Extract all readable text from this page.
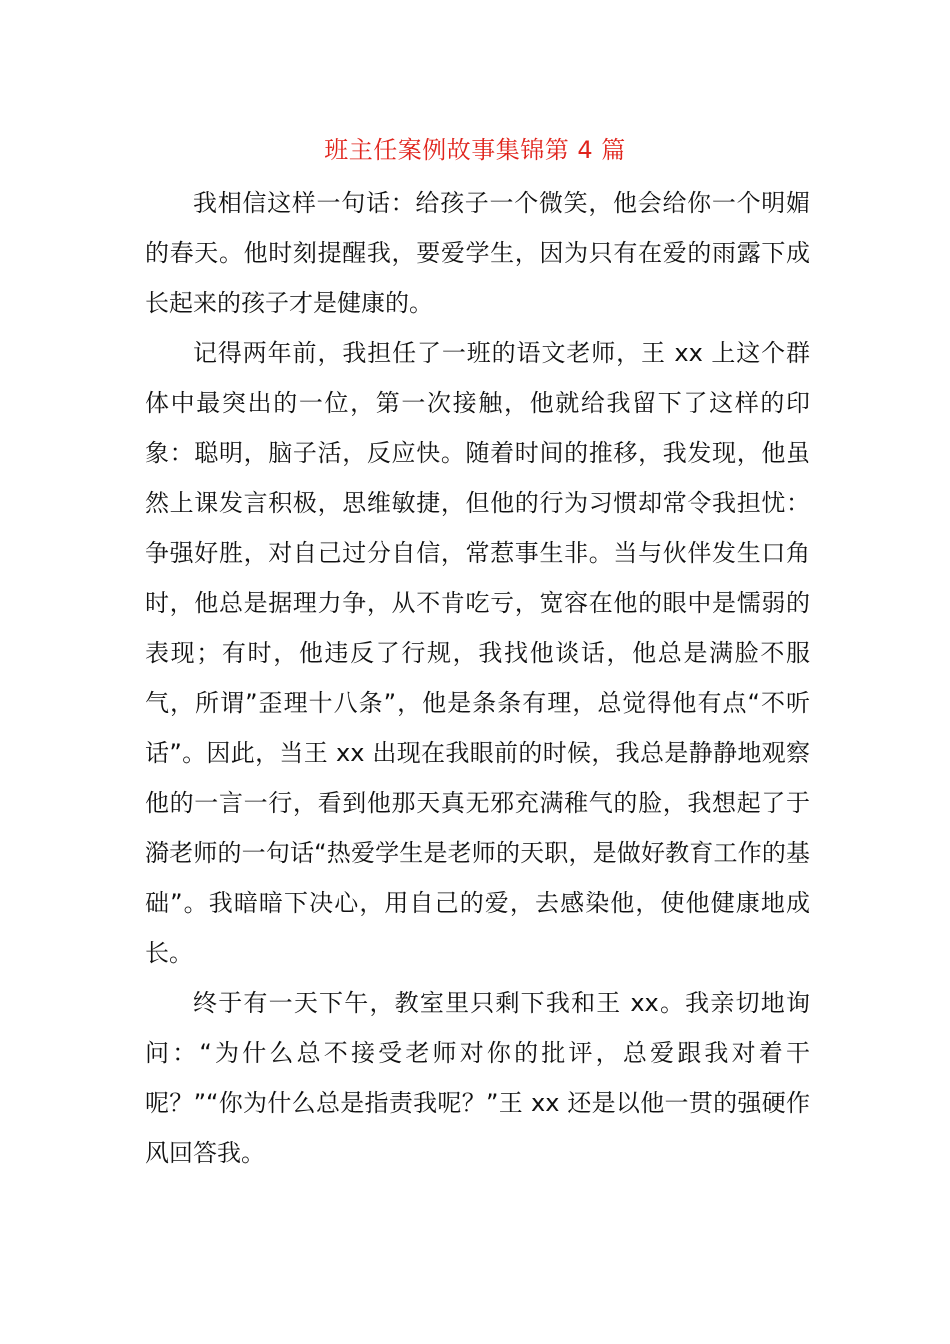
班主任案例故事集锦第 4 篇

我相信这样一句话：给孩子一个微笑，他会给你一个明媚的春天。他时刻提醒我，要爱学生，因为只有在爱的雨露下成长起来的孩子才是健康的。

记得两年前，我担任了一班的语文老师，王 xx 上这个群体中最突出的一位，第一次接触，他就给我留下了这样的印象：聪明，脑子活，反应快。随着时间的推移，我发现，他虽然上课发言积极，思维敏捷，但他的行为习惯却常令我担忧：争强好胜，对自己过分自信，常惹事生非。当与伙伴发生口角时，他总是据理力争，从不肯吃亏，宽容在他的眼中是懦弱的表现；有时，他违反了行规，我找他谈话，他总是满脸不服气，所谓”歪理十八条”，他是条条有理，总觉得他有点“不听话”。因此，当王 xx 出现在我眼前的时候，我总是静静地观察他的一言一行，看到他那天真无邪充满稚气的脸，我想起了于漪老师的一句话“热爱学生是老师的天职，是做好教育工作的基础”。我暗暗下决心，用自己的爱，去感染他，使他健康地成长。

终于有一天下午，教室里只剩下我和王 xx。我亲切地询问：“为什么总不接受老师对你的批评，总爱跟我对着干呢？”“你为什么总是指责我呢？”王 xx 还是以他一贯的强硬作风回答我。
